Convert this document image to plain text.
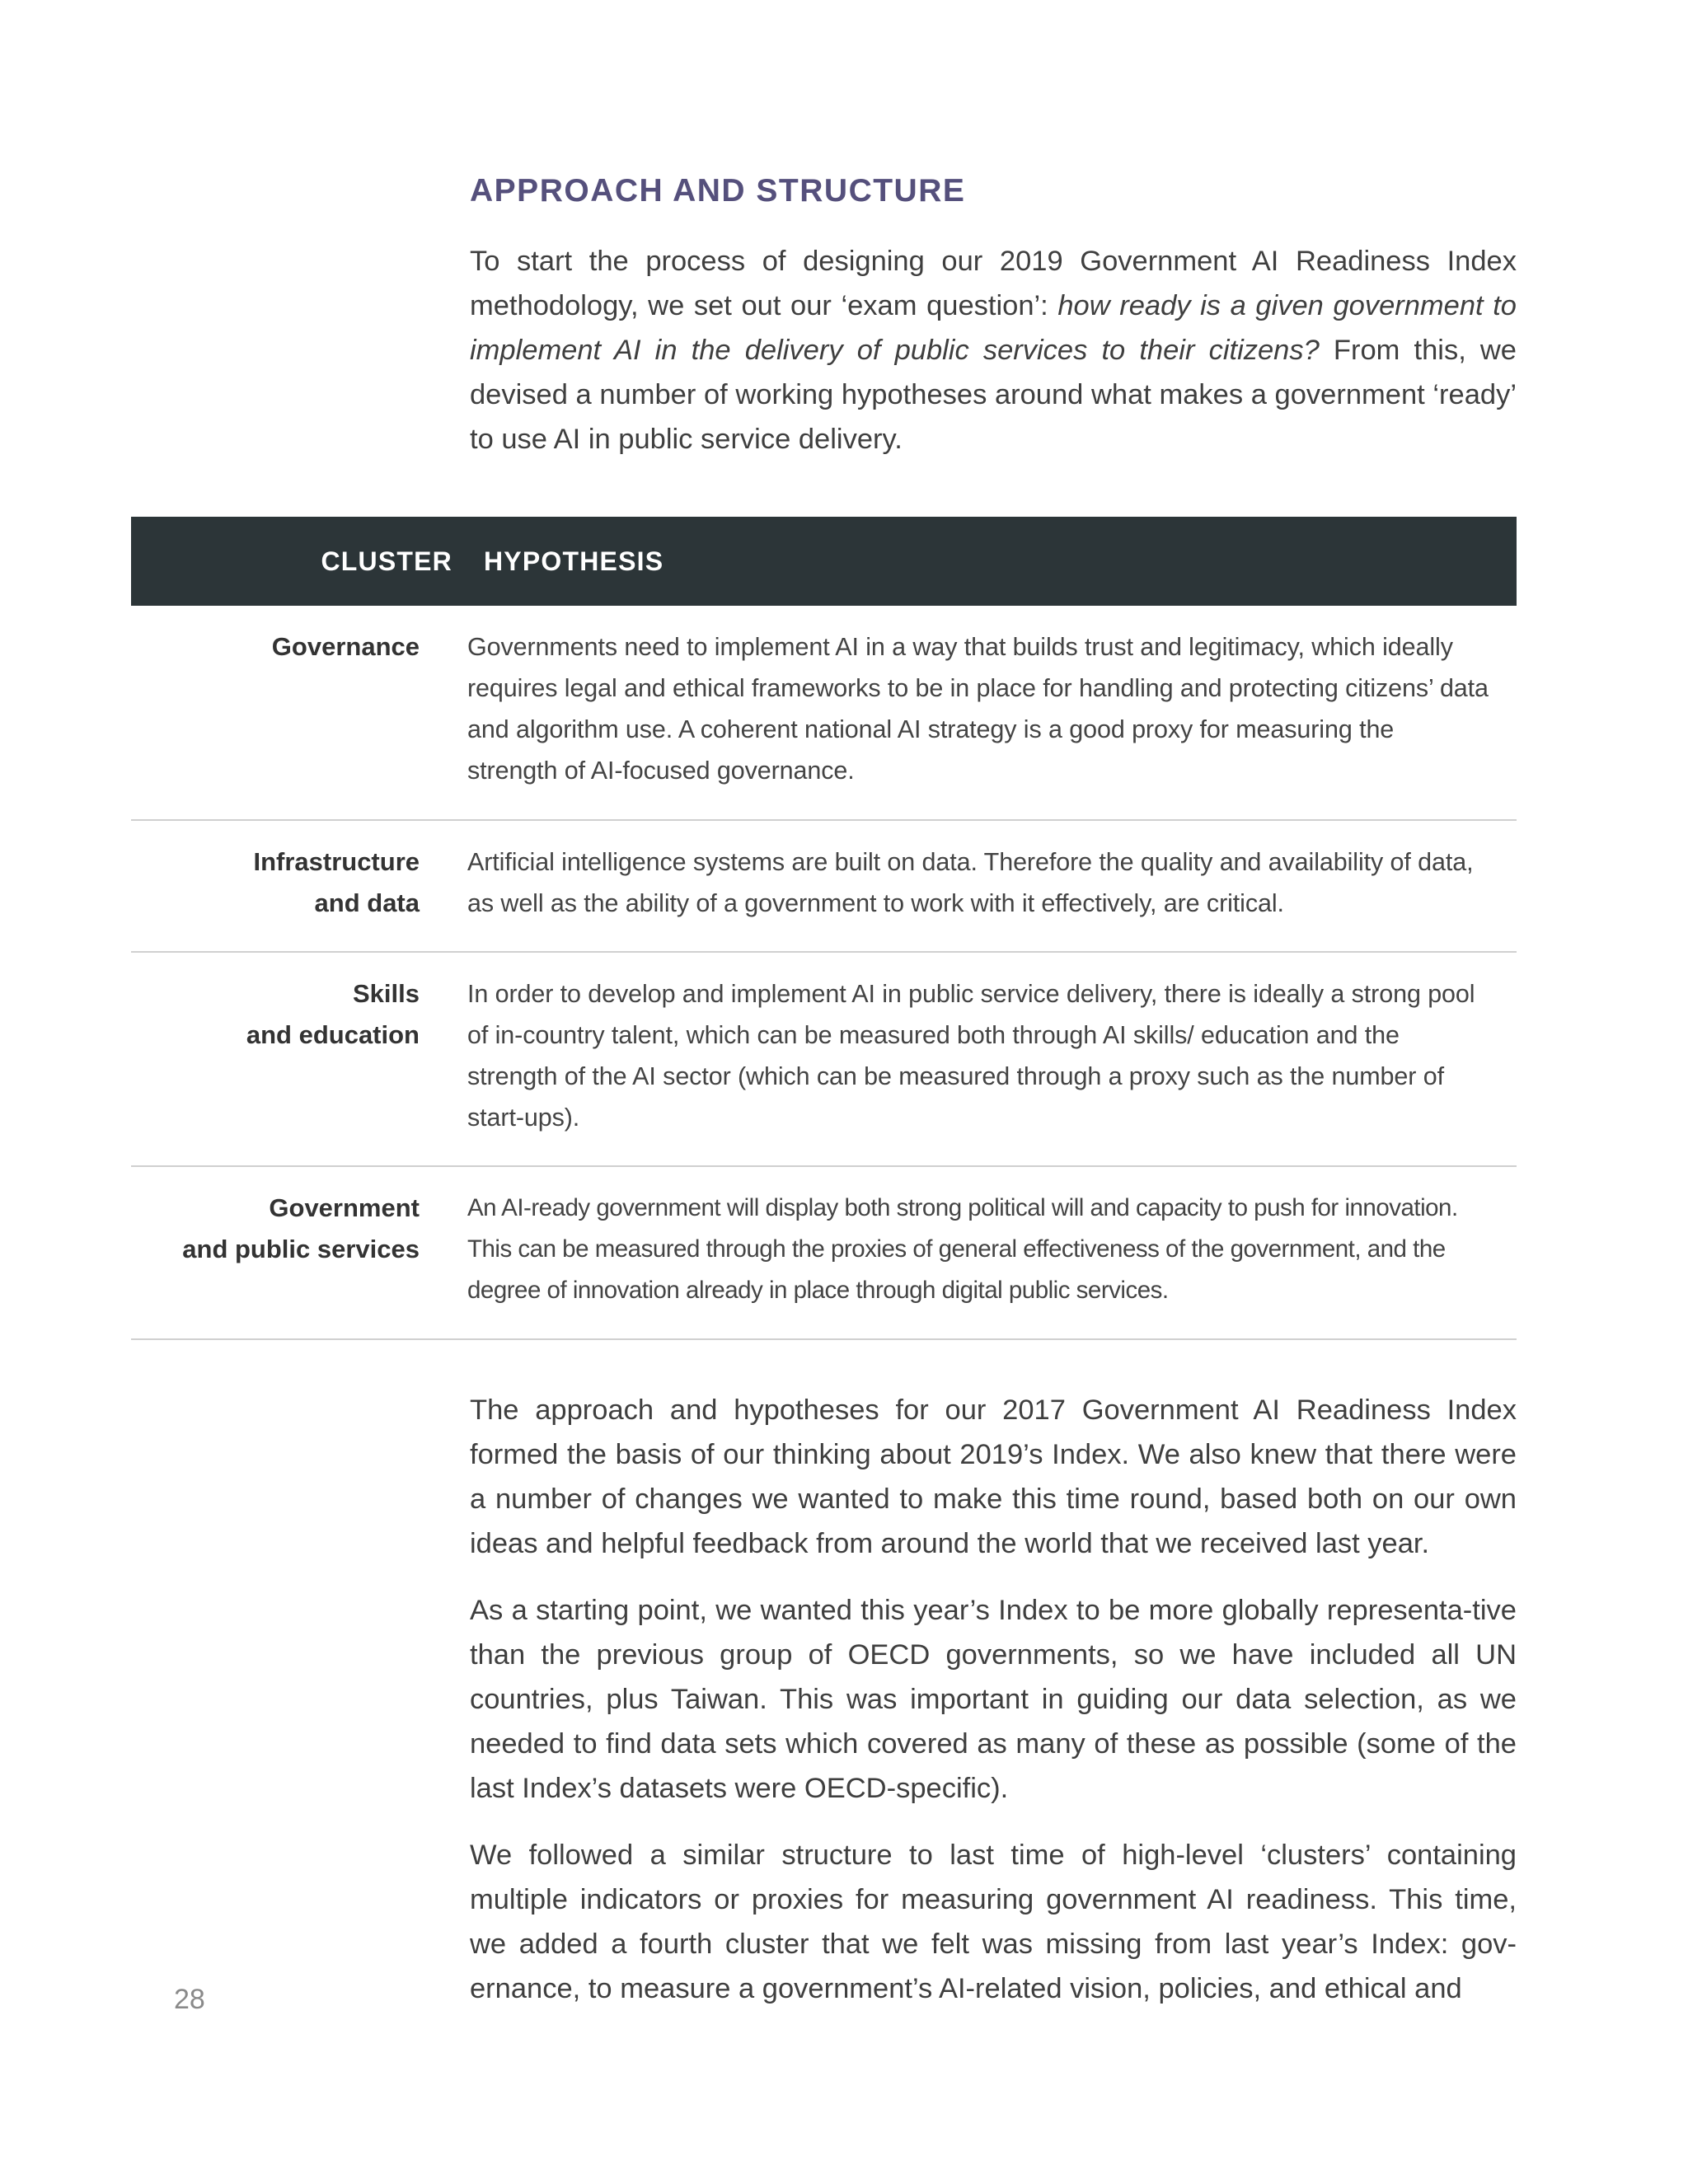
APPROACH AND STRUCTURE

To start the process of designing our 2019 Government AI Readiness Index methodology, we set out our ‘exam question’: how ready is a given government to implement AI in the delivery of public services to their citizens? From this, we devised a number of working hypotheses around what makes a government ‘ready’ to use AI in public service delivery.

CLUSTER	HYPOTHESIS
Governance Governments need to implement AI in a way that builds trust and legitimacy, which ideally requires legal and ethical frameworks to be in place for handling and protecting citizens’ data and algorithm use. A coherent national AI strategy is a good proxy for measuring the strength of AI-focused governance.
Infrastructure
and data
Artificial intelligence systems are built on data. Therefore the quality and availability of data, as well as the ability of a government to work with it effectively, are critical.
Skills
and education
In order to develop and implement AI in public service delivery, there is ideally a strong pool of in-country talent, which can be measured both through AI skills/ education and the strength of the AI sector (which can be measured through a proxy such as the number of start-ups).
Government
and public services
An AI-ready government will display both strong political will and capacity to push for innovation. This can be measured through the proxies of general effectiveness of the government, and the degree of innovation already in place through digital public services.

The approach and hypotheses for our 2017 Government AI Readiness Index formed the basis of our thinking about 2019’s Index. We also knew that there were a number of changes we wanted to make this time round, based both on our own ideas and helpful feedback from around the world that we received last year.

As a starting point, we wanted this year’s Index to be more globally representa-tive than the previous group of OECD governments, so we have included all UN countries, plus Taiwan. This was important in guiding our data selection, as we needed to find data sets which covered as many of these as possible (some of the last Index’s datasets were OECD-specific).

We followed a similar structure to last time of high-level ‘clusters’ containing multiple indicators or proxies for measuring government AI readiness. This time, we added a fourth cluster that we felt was missing from last year’s Index: gov-ernance, to measure a government’s AI-related vision, policies, and ethical and

28
